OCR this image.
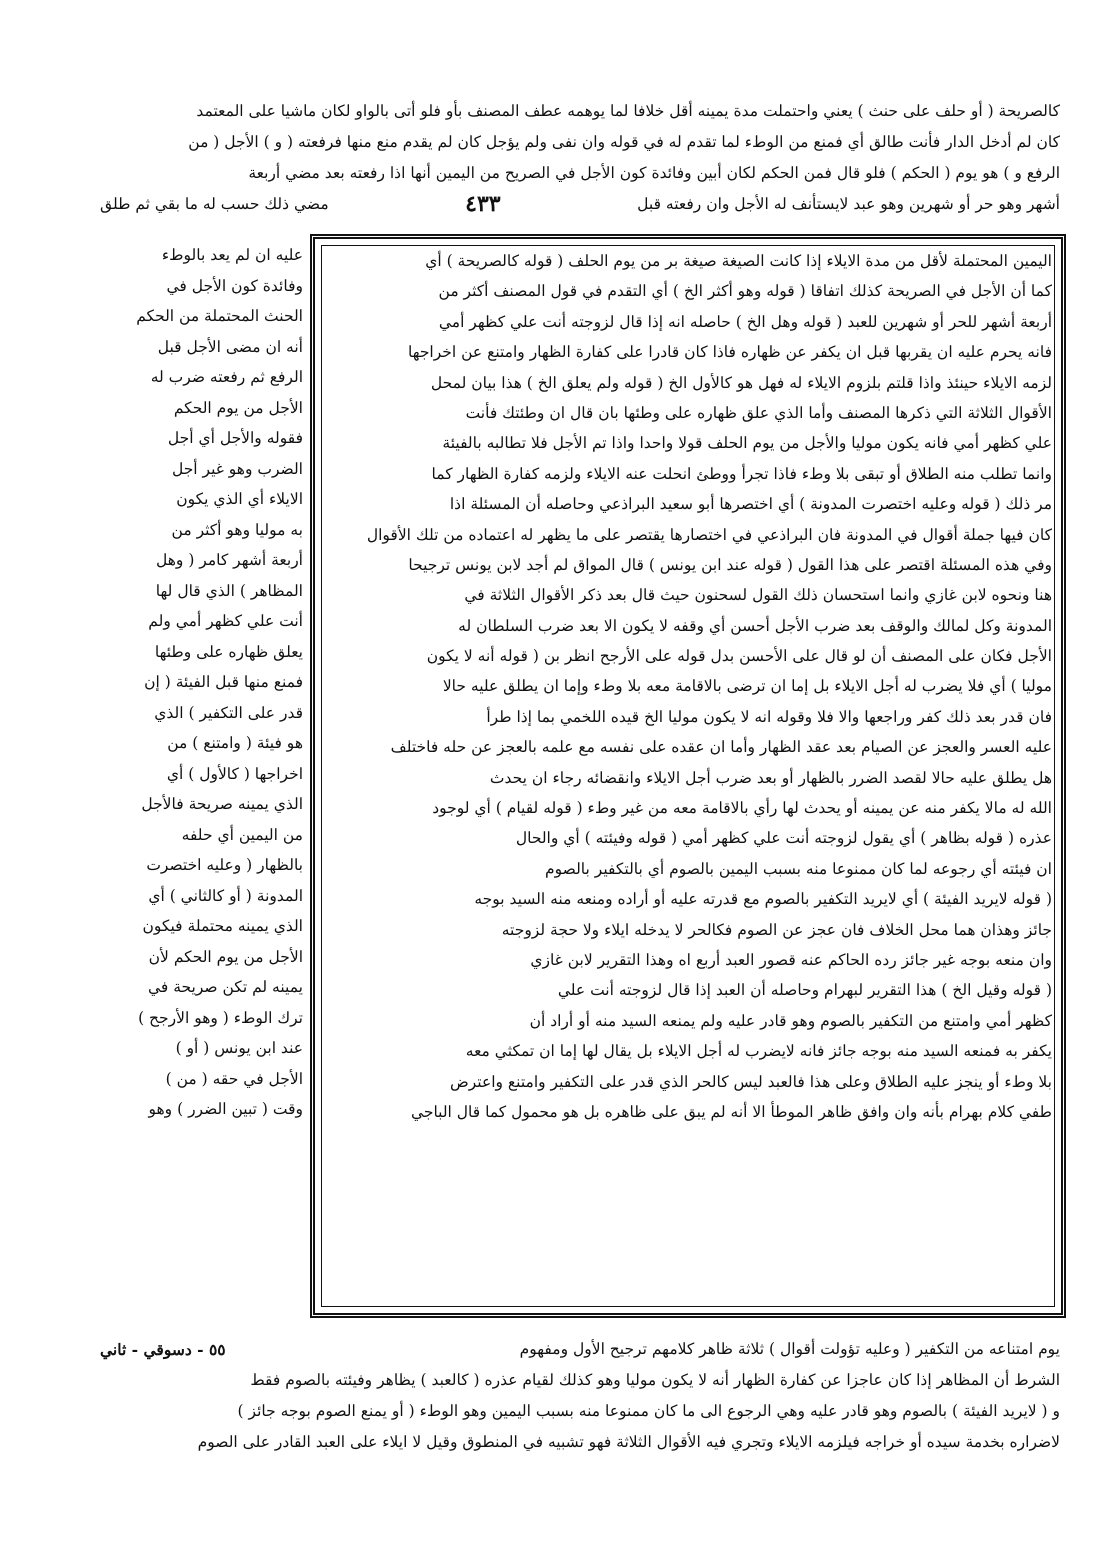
كالصريحة ( أو حلف على حنث ) يعني واحتملت مدة يمينه أقل خلافا لما يوهمه عطف المصنف بأو فلو أتى بالواو لكان ماشيا على المعتمد
كان لم أدخل الدار فأنت طالق أي فمنع من الوطء لما تقدم له في قوله وان نفى ولم يؤجل كان لم يقدم منع منها فرفعته ( و ) الأجل ( من
الرفع و ) هو يوم ( الحكم ) فلو قال فمن الحكم لكان أبين وفائدة كون الأجل في الصريح من اليمين أنها اذا رفعته بعد مضي أربعة
أشهر وهو حر أو شهرين وهو عبد لايستأنف له الأجل وان رفعته قبل
٤٣٣
مضي ذلك حسب له ما بقي ثم طلق
اليمين المحتملة لأقل من مدة الايلاء إذا كانت الصيغة صيغة بر من يوم الحلف ( قوله كالصريحة ) أي
كما أن الأجل في الصريحة كذلك اتفاقا ( قوله وهو أكثر الخ ) أي التقدم في قول المصنف أكثر من
أربعة أشهر للحر أو شهرين للعبد ( قوله وهل الخ ) حاصله انه إذا قال لزوجته أنت علي كظهر أمي
فانه يحرم عليه ان يقربها قبل ان يكفر عن ظهاره فاذا كان قادرا على كفارة الظهار وامتنع عن اخراجها
لزمه الايلاء حينئذ واذا قلتم بلزوم الايلاء له فهل هو كالأول الخ ( قوله ولم يعلق الخ ) هذا بيان لمحل
الأقوال الثلاثة التي ذكرها المصنف وأما الذي علق ظهاره على وطئها بان قال ان وطئتك فأنت
علي كظهر أمي فانه يكون موليا والأجل من يوم الحلف قولا واحدا واذا تم الأجل فلا تطالبه بالفيئة
وانما تطلب منه الطلاق أو تبقى بلا وطء فاذا تجرأ ووطئ انحلت عنه الايلاء ولزمه كفارة الظهار كما
مر ذلك ( قوله وعليه اختصرت المدونة ) أي اختصرها أبو سعيد البراذعي وحاصله أن المسئلة اذا
كان فيها جملة أقوال في المدونة فان البراذعي في اختصارها يقتصر على ما يظهر له اعتماده من تلك الأقوال
وفي هذه المسئلة اقتصر على هذا القول ( قوله عند ابن يونس ) قال المواق لم أجد لابن يونس ترجيحا
هنا ونحوه لابن غازي وانما استحسان ذلك القول لسحنون حيث قال بعد ذكر الأقوال الثلاثة في
المدونة وكل لمالك والوقف بعد ضرب الأجل أحسن أي وقفه لا يكون الا بعد ضرب السلطان له
الأجل فكان على المصنف أن لو قال على الأحسن بدل قوله على الأرجح انظر بن ( قوله أنه لا يكون
موليا ) أي فلا يضرب له أجل الايلاء بل إما ان ترضى بالاقامة معه بلا وطء وإما ان يطلق عليه حالا
فان قدر بعد ذلك كفر وراجعها والا فلا وقوله انه لا يكون موليا الخ قيده اللخمي بما إذا طرأ
عليه العسر والعجز عن الصيام بعد عقد الظهار وأما ان عقده على نفسه مع علمه بالعجز عن حله فاختلف
هل يطلق عليه حالا لقصد الضرر بالظهار أو بعد ضرب أجل الايلاء وانقضائه رجاء ان يحدث
الله له مالا يكفر منه عن يمينه أو يحدث لها رأي بالاقامة معه من غير وطء ( قوله لقيام ) أي لوجود
عذره ( قوله بظاهر ) أي يقول لزوجته أنت علي كظهر أمي ( قوله وفيئته ) أي والحال
ان فيئته أي رجوعه لما كان ممنوعا منه بسبب اليمين بالصوم أي بالتكفير بالصوم
( قوله لايريد الفيئة ) أي لايريد التكفير بالصوم مع قدرته عليه أو أراده ومنعه منه السيد بوجه
جائز وهذان هما محل الخلاف فان عجز عن الصوم فكالحر لا يدخله ايلاء ولا حجة لزوجته
وان منعه بوجه غير جائز رده الحاكم عنه قصور العبد أربع اه وهذا التقرير لابن غازي
( قوله وقيل الخ ) هذا التقرير لبهرام وحاصله أن العبد إذا قال لزوجته أنت علي
كظهر أمي وامتنع من التكفير بالصوم وهو قادر عليه ولم يمنعه السيد منه أو أراد أن
يكفر به فمنعه السيد منه بوجه جائز فانه لايضرب له أجل الايلاء بل يقال لها إما ان تمكثي معه
بلا وطء أو ينجز عليه الطلاق وعلى هذا فالعبد ليس كالحر الذي قدر على التكفير وامتنع واعترض
طفي كلام بهرام بأنه وان وافق ظاهر الموطأ الا أنه لم يبق على ظاهره بل هو محمول كما قال الباجي
عليه ان لم يعد بالوطء
وفائدة كون الأجل في
الحنث المحتملة من الحكم
أنه ان مضى الأجل قبل
الرفع ثم رفعته ضرب له
الأجل من يوم الحكم
فقوله والأجل أي أجل
الضرب وهو غير أجل
الايلاء أي الذي يكون
به موليا وهو أكثر من
أربعة أشهر كامر ( وهل
المظاهر ) الذي قال لها
أنت علي كظهر أمي ولم
يعلق ظهاره على وطئها
فمنع منها قبل الفيئة ( إن
قدر على التكفير ) الذي
هو فيئة ( وامتنع ) من
اخراجها ( كالأول ) أي
الذي يمينه صريحة فالأجل
من اليمين أي حلفه
بالظهار ( وعليه اختصرت
المدونة ( أو كالثاني ) أي
الذي يمينه محتملة فيكون
الأجل من يوم الحكم لأن
يمينه لم تكن صريحة في
ترك الوطء ( وهو الأرجح )
عند ابن يونس ( أو )
الأجل في حقه ( من )
وقت ( تبين الضرر ) وهو
يوم امتناعه من التكفير ( وعليه تؤولت أقوال ) ثلاثة ظاهر كلامهم ترجيح الأول ومفهوم
٥٥ - دسوقي - ثاني
الشرط أن المظاهر إذا كان عاجزا عن كفارة الظهار أنه لا يكون موليا وهو كذلك لقيام عذره ( كالعبد ) يظاهر وفيئته بالصوم فقط
و ( لايريد الفيئة ) بالصوم وهو قادر عليه وهي الرجوع الى ما كان ممنوعا منه بسبب اليمين وهو الوطء ( أو يمنع الصوم بوجه جائز )
لاضراره بخدمة سيده أو خراجه فيلزمه الايلاء وتجري فيه الأقوال الثلاثة فهو تشبيه في المنطوق وقيل لا ايلاء على العبد القادر على الصوم
